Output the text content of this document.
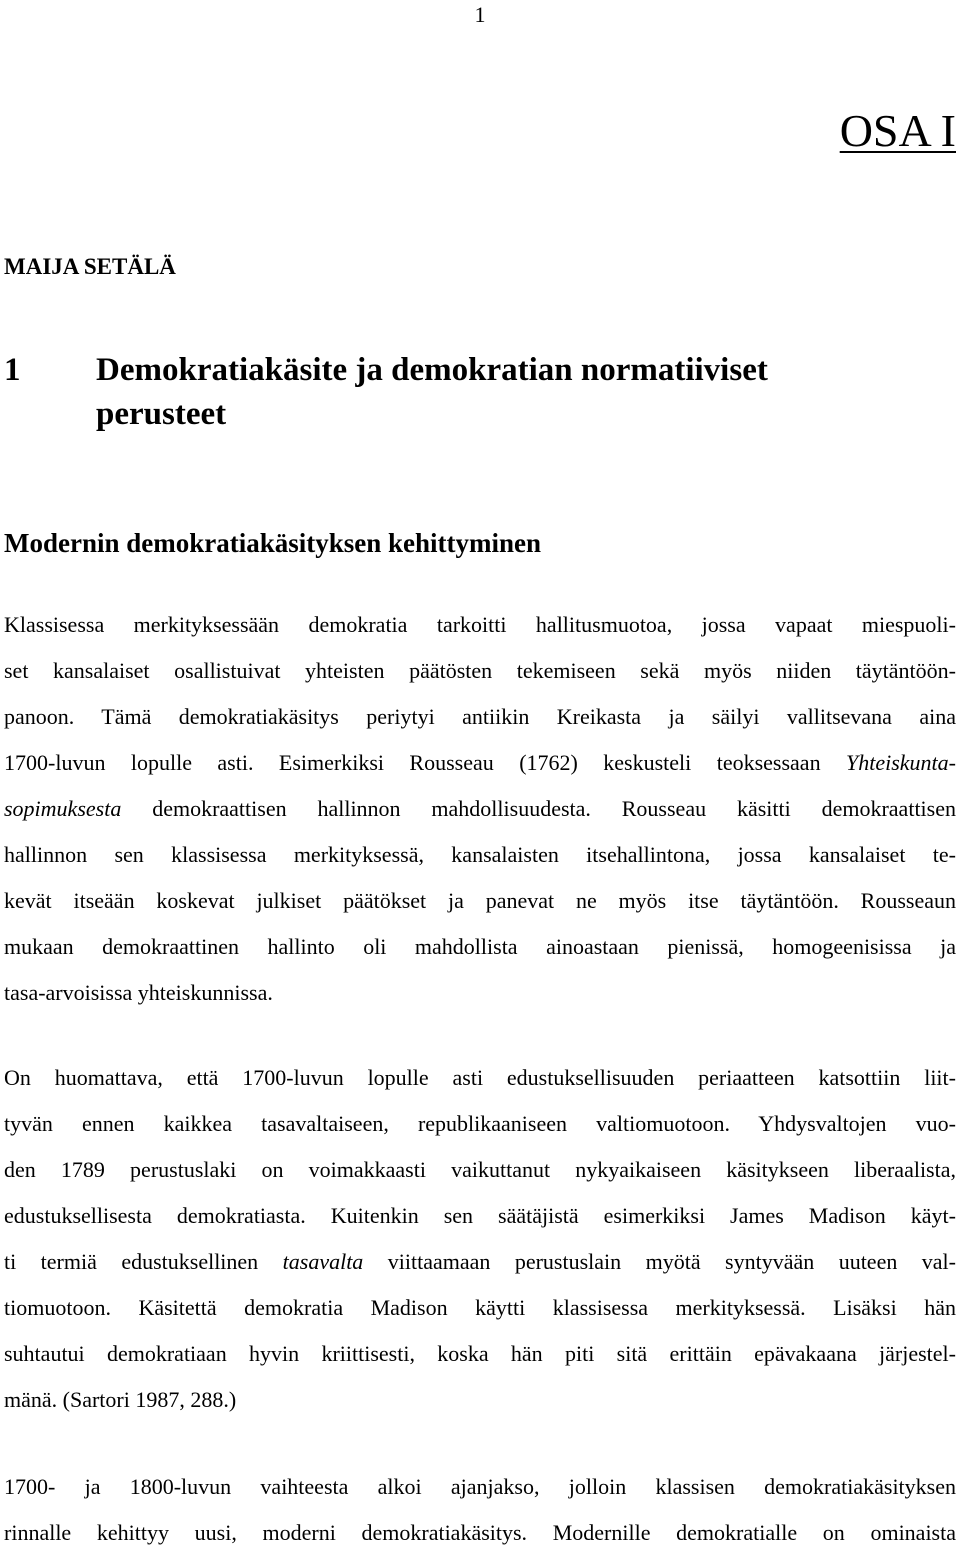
1
OSA I
MAIJA SETÄLÄ
1	Demokratiakäsite ja demokratian normatiiviset
perusteet
Modernin demokratiakäsityksen kehittyminen
Klassisessa merkityksessään demokratia tarkoitti hallitusmuotoa, jossa vapaat miespuoli-
set kansalaiset osallistuivat yhteisten päätösten tekemiseen sekä myös niiden täytäntöön-
panoon. Tämä demokratiakäsitys periytyi antiikin Kreikasta ja säilyi vallitsevana aina
1700-luvun lopulle asti. Esimerkiksi Rousseau (1762) keskusteli teoksessaan Yhteiskunta-
sopimuksesta demokraattisen hallinnon mahdollisuudesta. Rousseau käsitti demokraattisen
hallinnon sen klassisessa merkityksessä, kansalaisten itsehallintona, jossa kansalaiset te-
kevät itseään koskevat julkiset päätökset ja panevat ne myös itse täytäntöön. Rousseaun
mukaan demokraattinen hallinto oli mahdollista ainoastaan pienissä, homogeenisissa ja
tasa-arvoisissa yhteiskunnissa.
On huomattava, että 1700-luvun lopulle asti edustuksellisuuden periaatteen katsottiin liit-
tyvän ennen kaikkea tasavaltaiseen, republikaaniseen valtiomuotoon. Yhdysvaltojen vuo-
den 1789 perustuslaki on voimakkaasti vaikuttanut nykyaikaiseen käsitykseen liberaalista,
edustuksellisesta demokratiasta. Kuitenkin sen säätäjistä esimerkiksi James Madison käyt-
ti termiä edustuksellinen tasavalta viittaamaan perustuslain myötä syntyvään uuteen val-
tiomuotoon. Käsitettä demokratia Madison käytti klassisessa merkityksessä. Lisäksi hän
suhtautui demokratiaan hyvin kriittisesti, koska hän piti sitä erittäin epävakaana järjestel-
mänä. (Sartori 1987, 288.)
1700- ja 1800-luvun vaihteesta alkoi ajanjakso, jolloin klassisen demokratiakäsityksen
rinnalle kehittyy uusi, moderni demokratiakäsitys. Modernille demokratialle on ominaista
